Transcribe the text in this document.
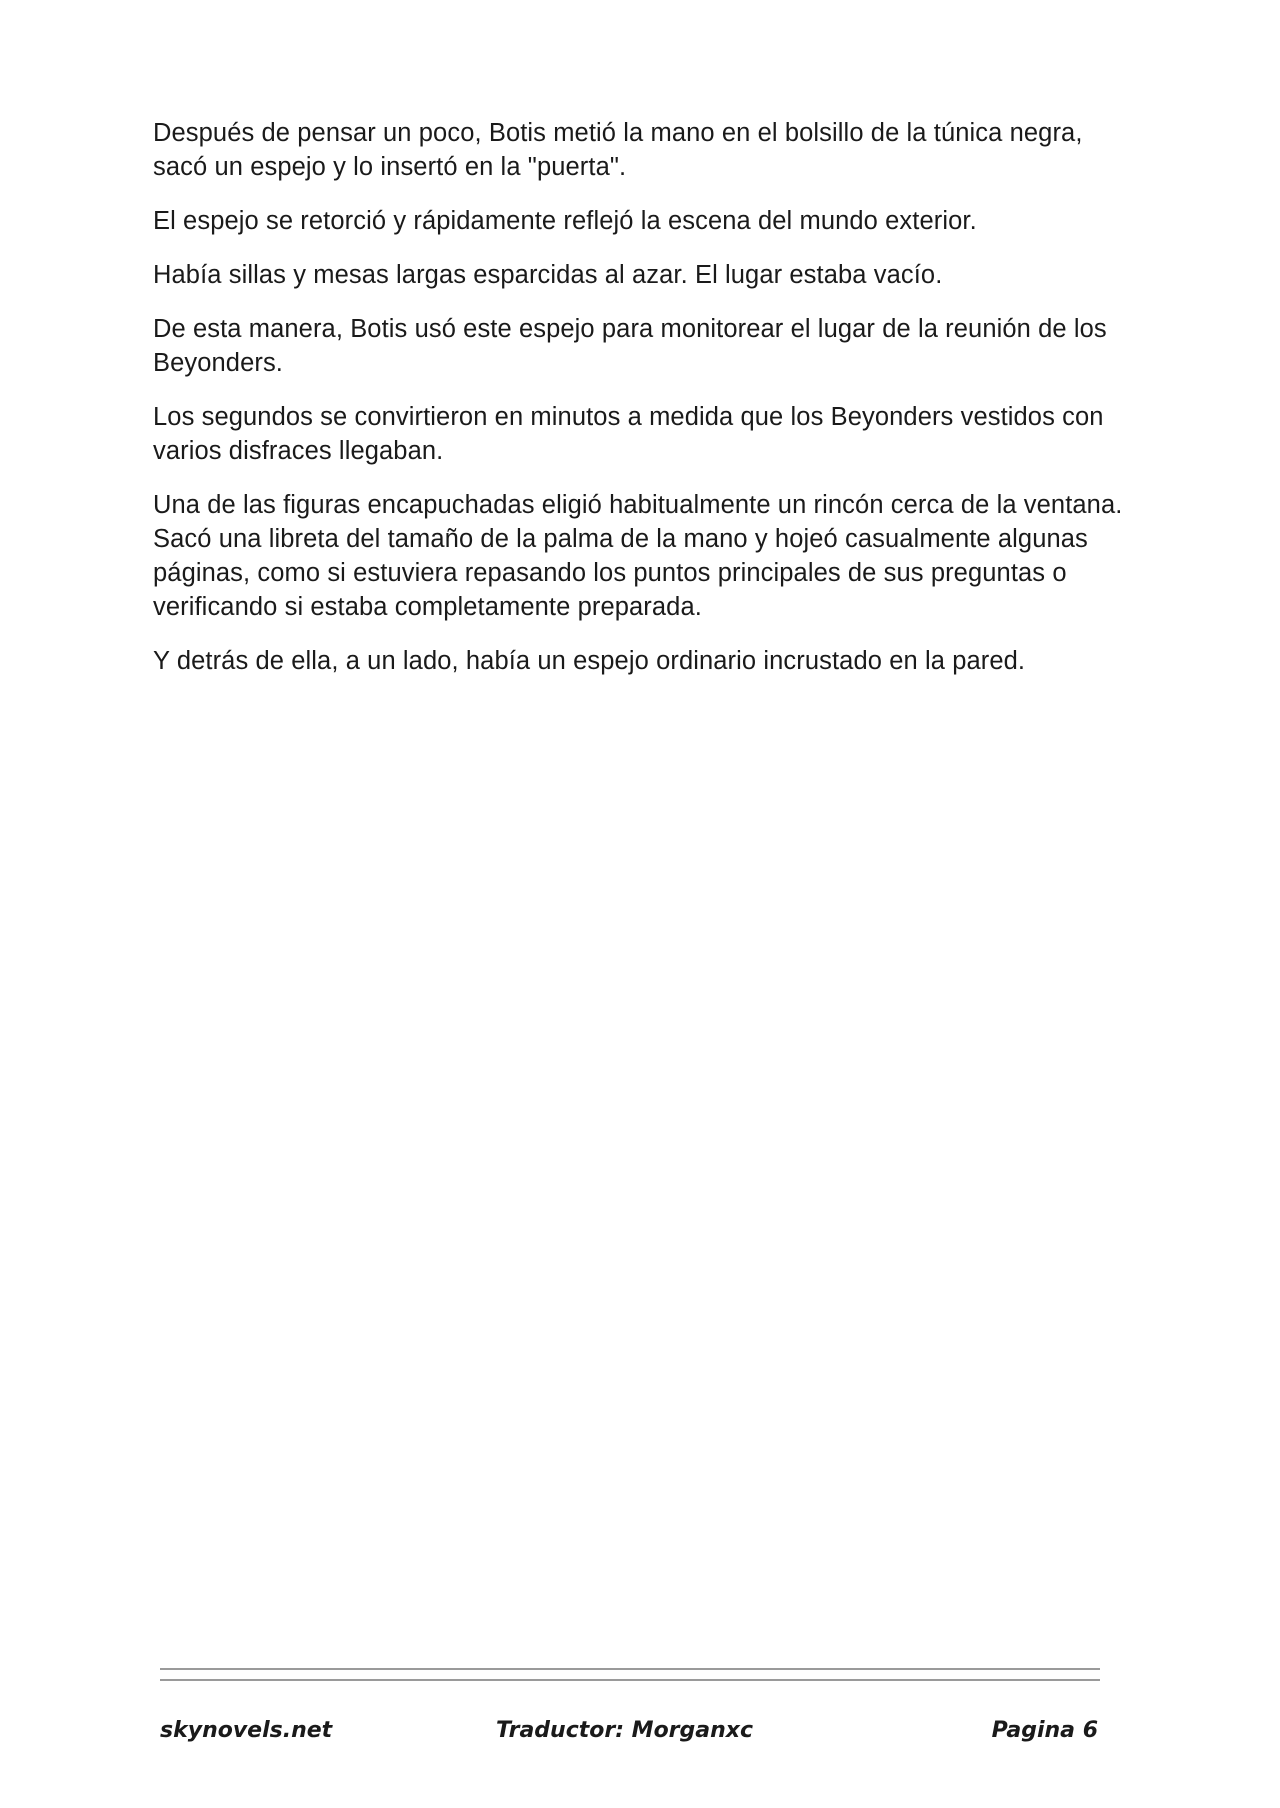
Después de pensar un poco, Botis metió la mano en el bolsillo de la túnica negra, sacó un espejo y lo insertó en la "puerta".

El espejo se retorció y rápidamente reflejó la escena del mundo exterior.

Había sillas y mesas largas esparcidas al azar. El lugar estaba vacío.

De esta manera, Botis usó este espejo para monitorear el lugar de la reunión de los Beyonders.

Los segundos se convirtieron en minutos a medida que los Beyonders vestidos con varios disfraces llegaban.

Una de las figuras encapuchadas eligió habitualmente un rincón cerca de la ventana. Sacó una libreta del tamaño de la palma de la mano y hojeó casualmente algunas páginas, como si estuviera repasando los puntos principales de sus preguntas o verificando si estaba completamente preparada.

Y detrás de ella, a un lado, había un espejo ordinario incrustado en la pared.

skynovels.net	Traductor: Morganxc	Pagina 6
